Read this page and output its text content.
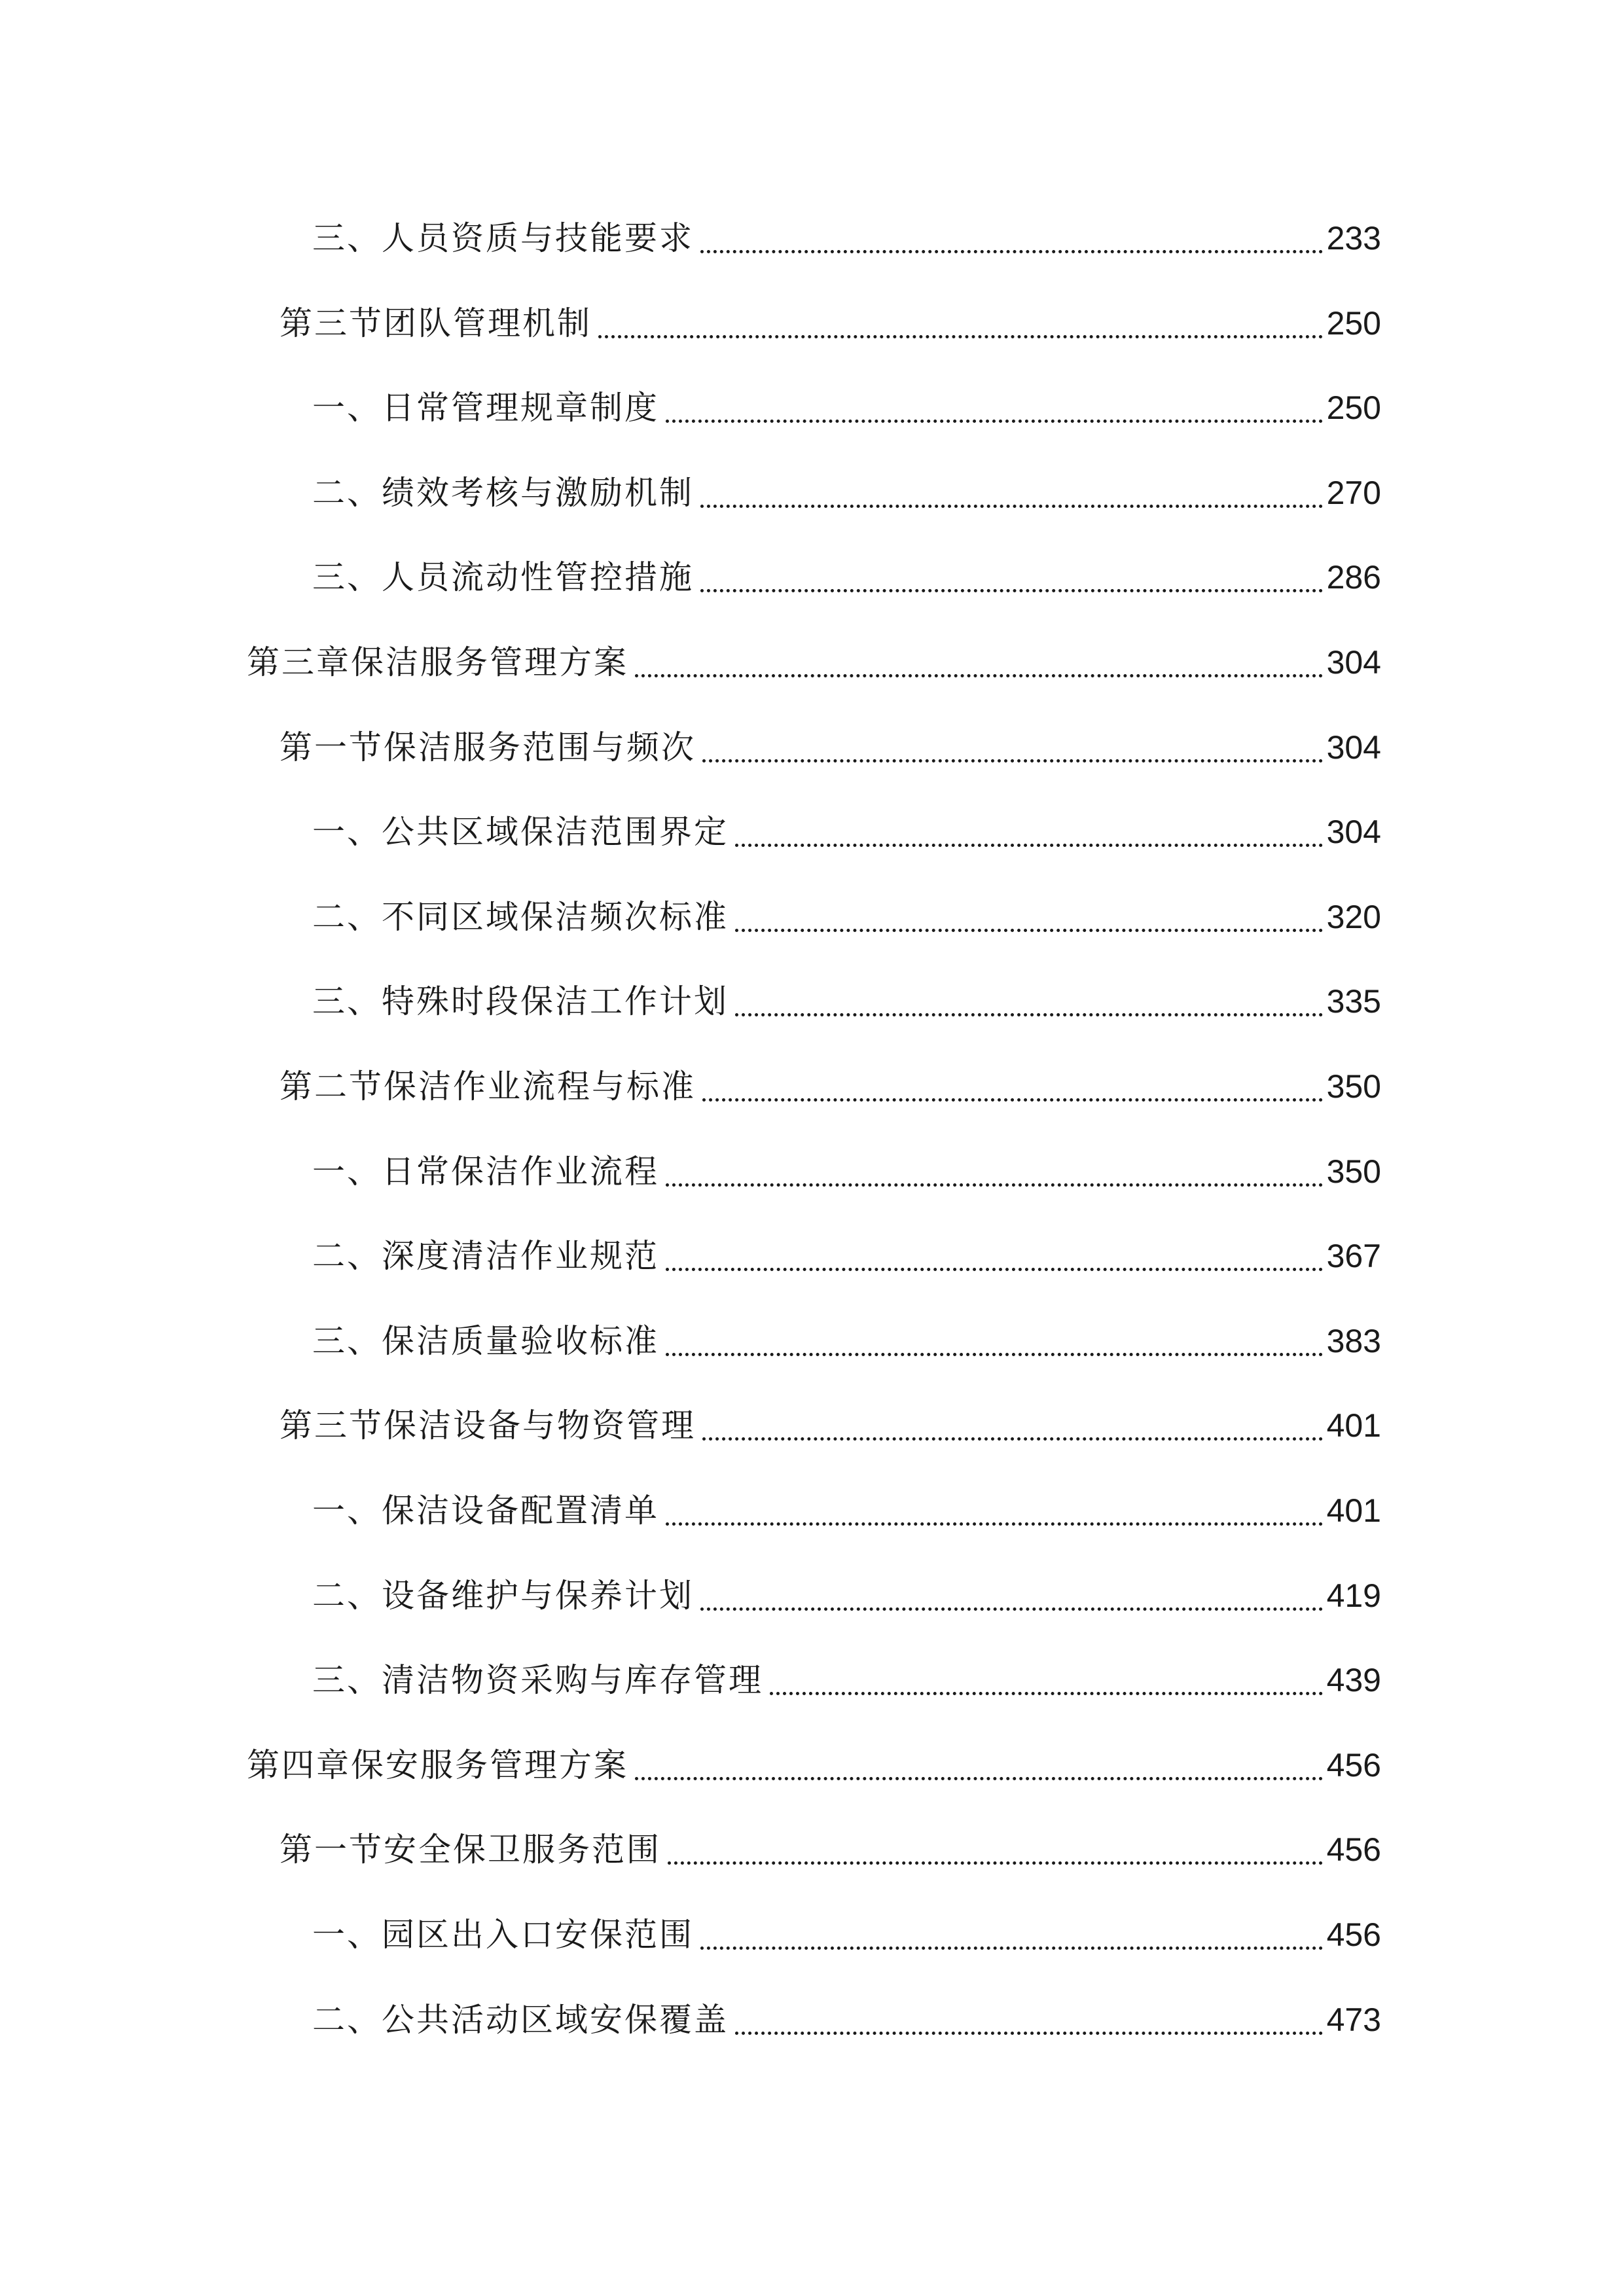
三、人员资质与技能要求	233
第三节团队管理机制	250
一、日常管理规章制度	250
二、绩效考核与激励机制	270
三、人员流动性管控措施	286
第三章保洁服务管理方案	304
第一节保洁服务范围与频次	304
一、公共区域保洁范围界定	304
二、不同区域保洁频次标准	320
三、特殊时段保洁工作计划	335
第二节保洁作业流程与标准	350
一、日常保洁作业流程	350
二、深度清洁作业规范	367
三、保洁质量验收标准	383
第三节保洁设备与物资管理	401
一、保洁设备配置清单	401
二、设备维护与保养计划	419
三、清洁物资采购与库存管理	439
第四章保安服务管理方案	456
第一节安全保卫服务范围	456
一、园区出入口安保范围	456
二、公共活动区域安保覆盖	473
